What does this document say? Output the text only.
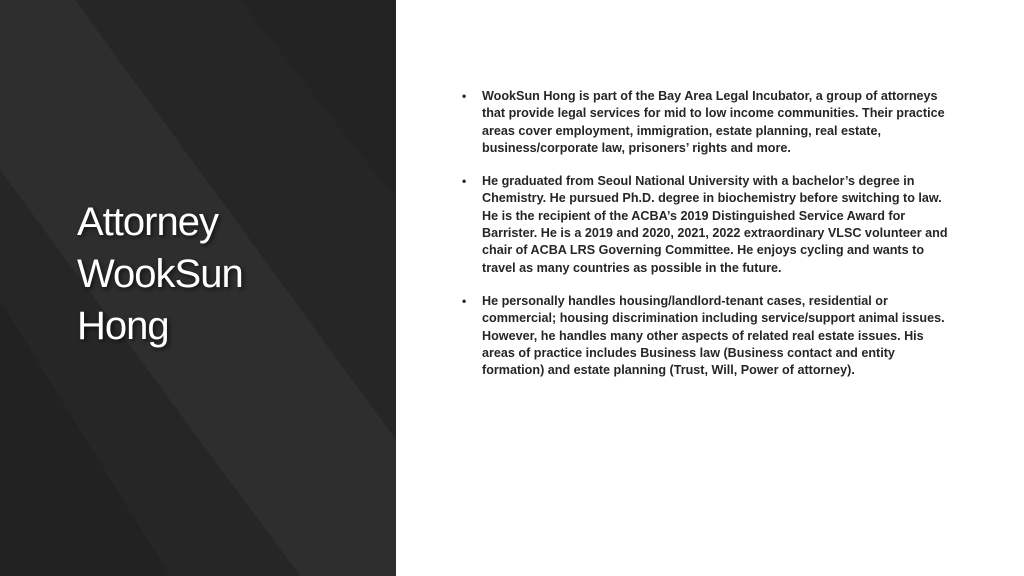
Attorney
WookSun
Hong
•	WookSun Hong is part of the Bay Area Legal Incubator, a group of attorneys that provide legal services for mid to low income communities. Their practice areas cover employment, immigration, estate planning, real estate, business/corporate law, prisoners’ rights and more.
•	He graduated from Seoul National University with a bachelor’s degree in Chemistry. He pursued Ph.D. degree in biochemistry before switching to law. He is the recipient of the ACBA’s 2019 Distinguished Service Award for Barrister. He is a 2019 and 2020, 2021, 2022 extraordinary VLSC volunteer and chair of ACBA LRS Governing Committee. He enjoys cycling and wants to travel as many countries as possible in the future.
•	He personally handles housing/landlord-tenant cases, residential or commercial; housing discrimination including service/support animal issues. However, he handles many other aspects of related real estate issues. His areas of practice includes Business law (Business contact and entity formation) and estate planning (Trust, Will, Power of attorney).
